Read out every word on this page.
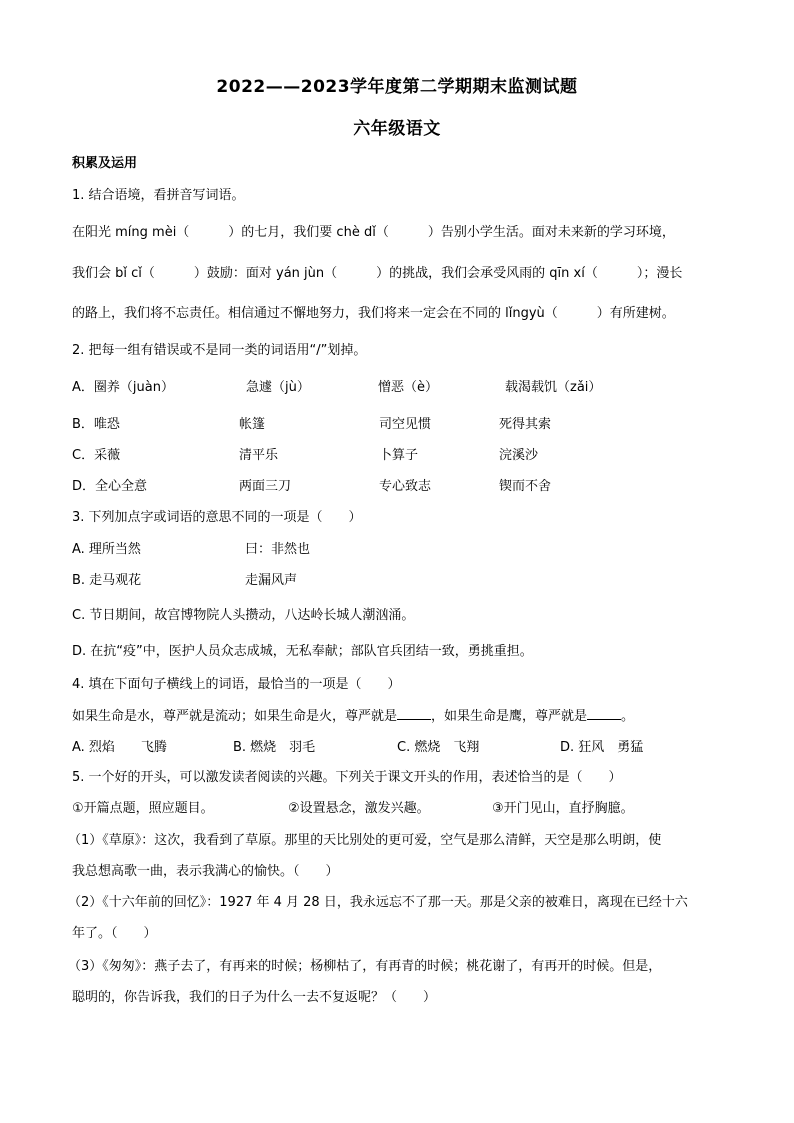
2022——2023学年度第二学期期末监测试题
六年级语文
积累及运用
1. 结合语境，看拼音写词语。
在阳光 míng mèi（　　　）的七月，我们要 chè dǐ（　　　）告别小学生活。面对未来新的学习环境，
我们会 bǐ cǐ（　　　）鼓励：面对 yán jùn（　　　）的挑战，我们会承受风雨的 qīn xí（　　　）；漫长
的路上，我们将不忘责任。相信通过不懈地努力，我们将来一定会在不同的 lǐngyù（　　　）有所建树。
2. 把每一组有错误或不是同一类的词语用“/”划掉。
A．圈养（juàn）	急遽（jù）	憎恶（è）	载渴载饥（zǎi）
B．唯恐	帐篷	司空见惯	死得其索
C．采薇	清平乐	卜算子	浣溪沙
D．全心全意	两面三刀	专心致志	锲而不舍
3. 下列加点字或词语的意思不同的一项是（　　）
A. 理所当然	曰：非然也
B. 走马观花	走漏风声
C. 节日期间，故宫博物院人头攒动，八达岭长城人潮汹涌。
D. 在抗“疫”中，医护人员众志成城，无私奉献；部队官兵团结一致，勇挑重担。
4. 填在下面句子横线上的词语，最恰当的一项是（　　）
如果生命是水，尊严就是流动；如果生命是火，尊严就是	，如果生命是鹰，尊严就是	。
A. 烈焰　　飞腾	B. 燃烧　羽毛	C. 燃烧　飞翔	D. 狂风　勇猛
5. 一个好的开头，可以激发读者阅读的兴趣。下列关于课文开头的作用，表述恰当的是（　　）
①开篇点题，照应题目。	②设置悬念，激发兴趣。	③开门见山，直抒胸臆。
（1）《草原》：这次，我看到了草原。那里的天比别处的更可爱，空气是那么清鲜，天空是那么明朗，使
我总想高歌一曲，表示我满心的愉快。（　　）
（2）《十六年前的回忆》：1927 年 4 月 28 日，我永远忘不了那一天。那是父亲的被难日，离现在已经十六
年了。（　　）
（3）《匆匆》：燕子去了，有再来的时候；杨柳枯了，有再青的时候；桃花谢了，有再开的时候。但是，
聪明的，你告诉我，我们的日子为什么一去不复返呢？（　　）
